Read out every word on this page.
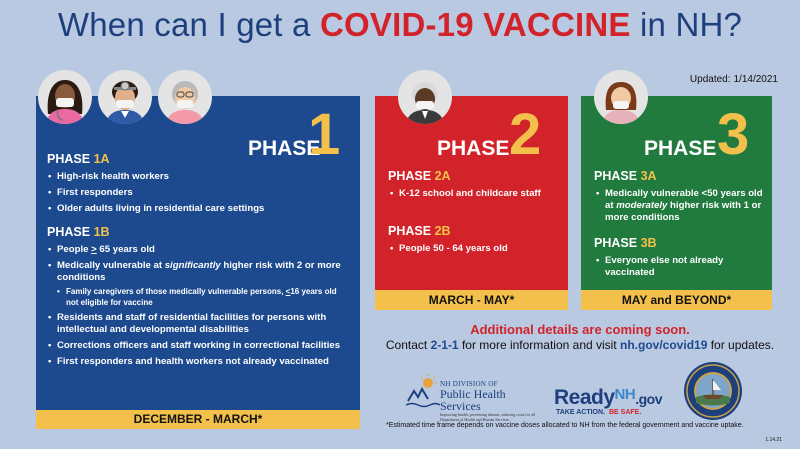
When can I get a COVID-19 VACCINE in NH?
Updated: 1/14/2021
PHASE
1
PHASE 1A
• High-risk health workers
• First responders
• Older adults living in residential care settings
PHASE 1B
• People > 65 years old
• Medically vulnerable at significantly higher risk with 2 or more conditions
• Family caregivers of those medically vulnerable persons, <16 years old not eligible for vaccine
• Residents and staff of residential facilities for persons with intellectual and developmental disabilities
• Corrections officers and staff working in correctional facilities
• First responders and health workers not already vaccinated
DECEMBER - MARCH*
PHASE 2
PHASE 2A
• K-12 school and childcare staff
PHASE 2B
• People 50 - 64 years old
MARCH - MAY*
PHASE 3
PHASE 3A
• Medically vulnerable <50 years old at moderately higher risk with 1 or more conditions
PHASE 3B
• Everyone else not already vaccinated
MAY and BEYOND*
Additional details are coming soon.
Contact 2-1-1 for more information and visit nh.gov/covid19 for updates.
NH DIVISION OF
Public Health Services
Improving health, preventing disease, reducing costs for all
Department of Health and Human Services
Ready$^{NH}$.gov
TAKE ACTION. BE SAFE.
*Estimated time frame depends on vaccine doses allocated to NH from the federal government and vaccine uptake.
1.14.21
